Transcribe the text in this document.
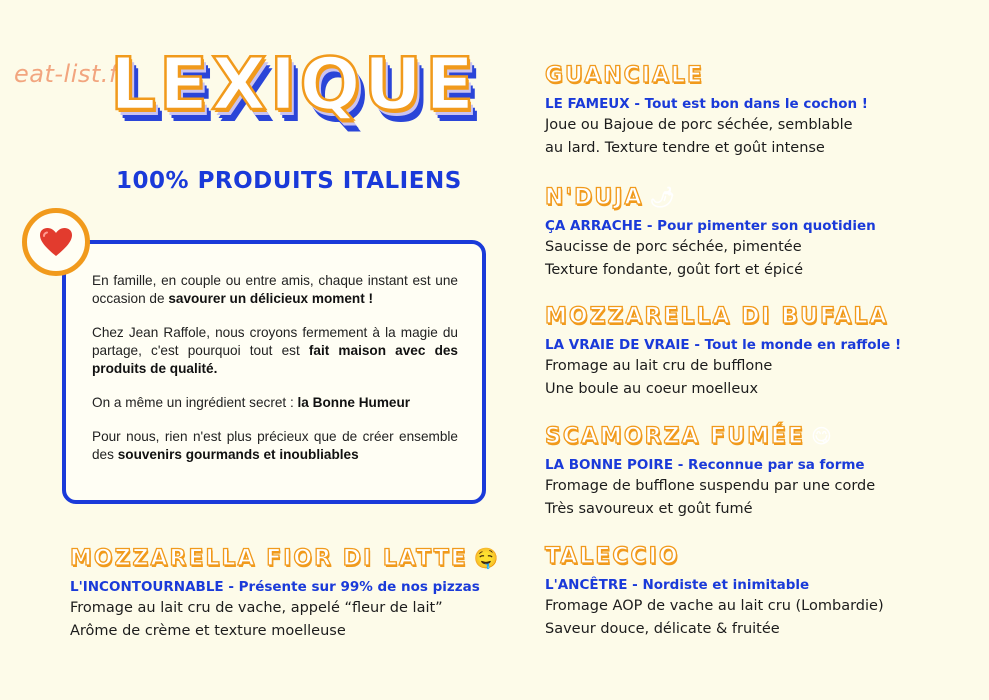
eat-list.fr
LEXIQUE
100% PRODUITS ITALIENS

En famille, en couple ou entre amis, chaque instant est une occasion de savourer un délicieux moment !

Chez Jean Raffole, nous croyons fermement à la magie du partage, c'est pourquoi tout est fait maison avec des produits de qualité.

On a même un ingrédient secret : la Bonne Humeur

Pour nous, rien n'est plus précieux que de créer ensemble des souvenirs gourmands et inoubliables

GUANCIALE
LE FAMEUX - Tout est bon dans le cochon !
Joue ou Bajoue de porc séchée, semblable
au lard. Texture tendre et goût intense
N'DUJA 🌶
ÇA ARRACHE - Pour pimenter son quotidien
Saucisse de porc séchée, pimentée
Texture fondante, goût fort et épicé
MOZZARELLA DI BUFALA
LA VRAIE DE VRAIE - Tout le monde en raffole !
Fromage au lait cru de bufflone
Une boule au coeur moelleux
SCAMORZA FUMÉE 😋
LA BONNE POIRE - Reconnue par sa forme
Fromage de bufflone suspendu par une corde
Très savoureux et goût fumé
TALECCIO
L'ANCÊTRE - Nordiste et inimitable
Fromage AOP de vache au lait cru (Lombardie)
Saveur douce, délicate & fruitée
MOZZARELLA FIOR DI LATTE 🤤
L'INCONTOURNABLE - Présente sur 99% de nos pizzas
Fromage au lait cru de vache, appelé “fleur de lait”
Arôme de crème et texture moelleuse
